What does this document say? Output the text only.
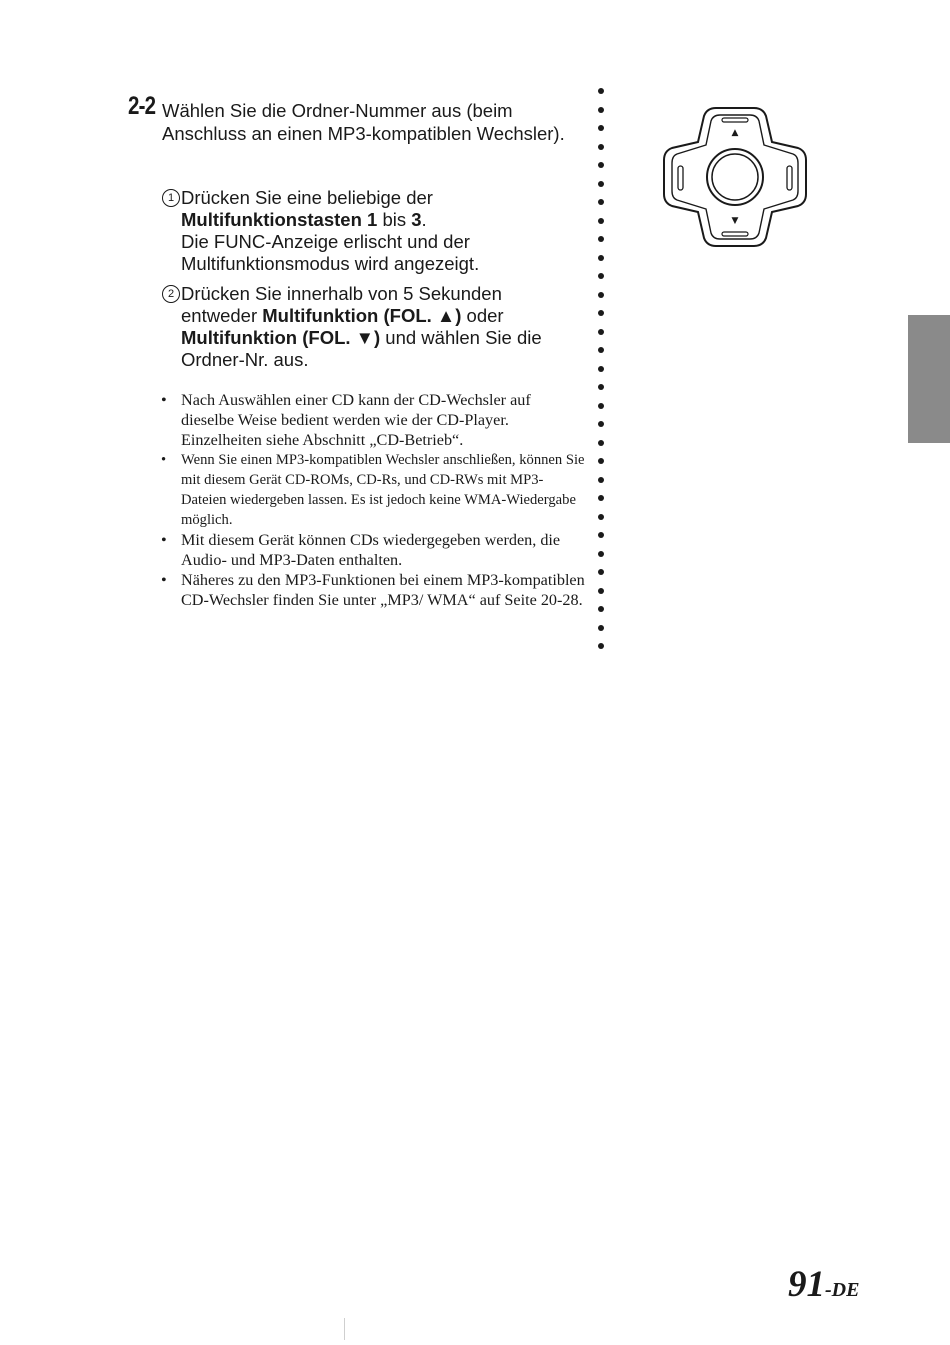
2-2 Wählen Sie die Ordner-Nummer aus (beim Anschluss an einen MP3-kompatiblen Wechsler).
1 Drücken Sie eine beliebige der
Multifunktionstasten 1 bis 3.
Die FUNC-Anzeige erlischt und der
Multifunktionsmodus wird angezeigt.
2 Drücken Sie innerhalb von 5 Sekunden
entweder Multifunktion (FOL. ▲) oder
Multifunktion (FOL. ▼) und wählen Sie die
Ordner-Nr. aus.
• Nach Auswählen einer CD kann der CD-Wechsler auf dieselbe Weise bedient werden wie der CD-Player. Einzelheiten siehe Abschnitt „CD-Betrieb“.
• Wenn Sie einen MP3-kompatiblen Wechsler anschließen, können Sie mit diesem Gerät CD-ROMs, CD-Rs, und CD-RWs mit MP3-Dateien wiedergeben lassen. Es ist jedoch keine WMA-Wiedergabe möglich.
• Mit diesem Gerät können CDs wiedergegeben werden, die Audio- und MP3-Daten enthalten.
• Näheres zu den MP3-Funktionen bei einem MP3-kompatiblen CD-Wechsler finden Sie unter „MP3/ WMA“ auf Seite 20-28.
▲
▼
91-DE
